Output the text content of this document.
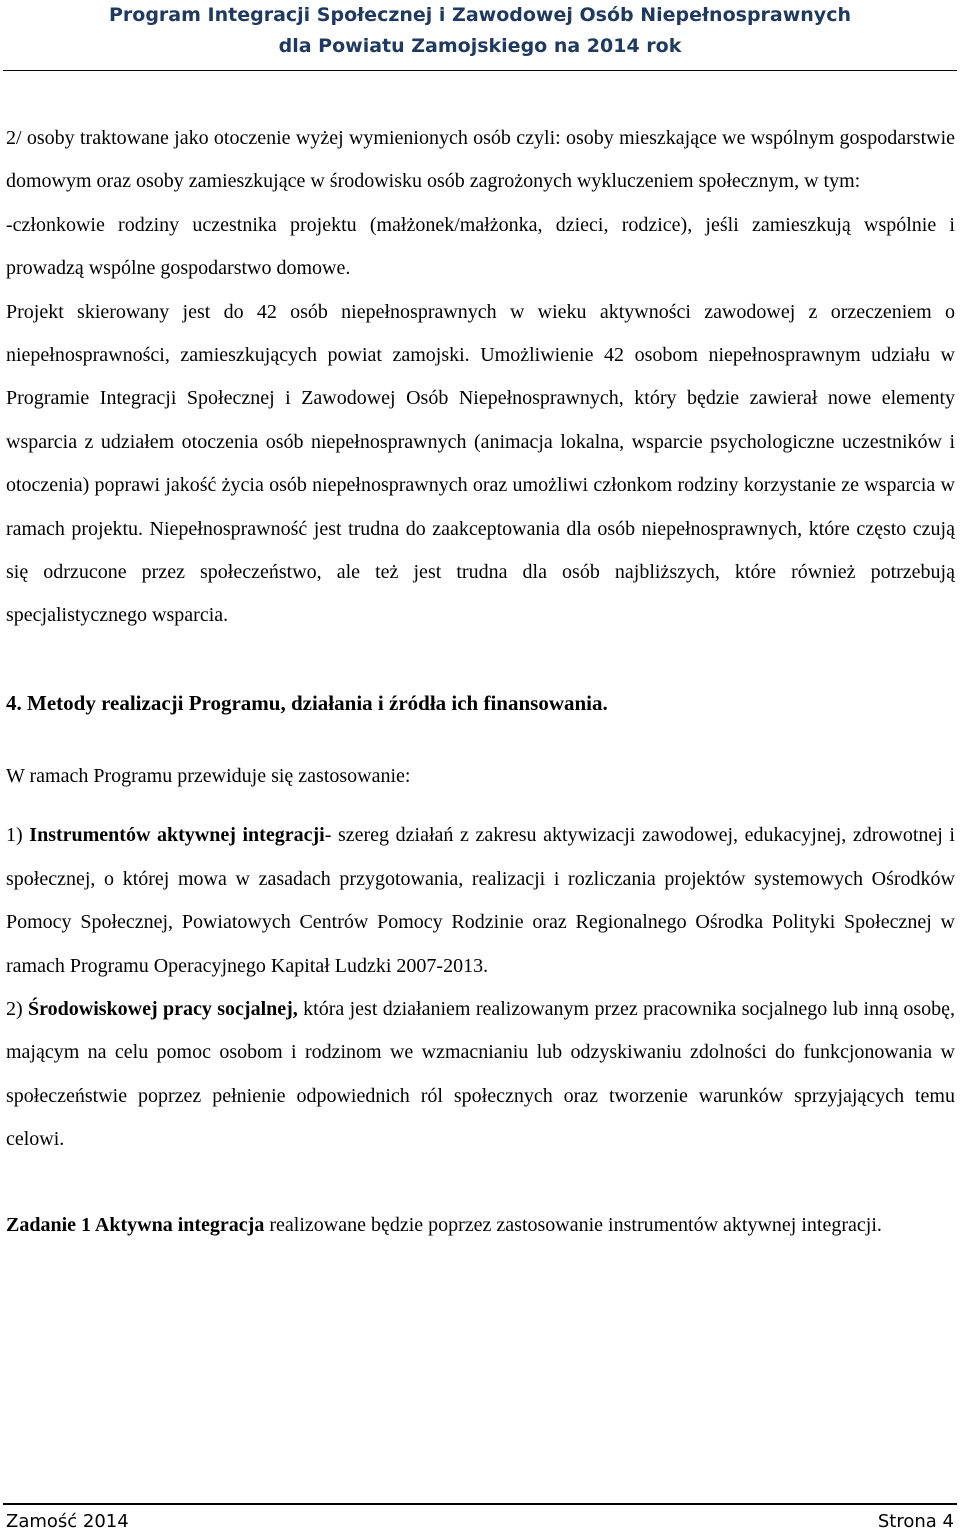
Program Integracji Społecznej i Zawodowej Osób Niepełnosprawnych
dla Powiatu Zamojskiego na 2014 rok

2/ osoby traktowane jako otoczenie wyżej wymienionych osób czyli: osoby mieszkające we wspólnym gospodarstwie domowym oraz osoby zamieszkujące w środowisku osób zagrożonych wykluczeniem społecznym, w tym:

-członkowie rodziny uczestnika projektu (małżonek/małżonka, dzieci, rodzice), jeśli zamieszkują wspólnie i prowadzą wspólne gospodarstwo domowe.

Projekt skierowany jest do 42 osób niepełnosprawnych w wieku aktywności zawodowej z orzeczeniem o niepełnosprawności, zamieszkujących powiat zamojski. Umożliwienie 42 osobom niepełnosprawnym udziału w Programie Integracji Społecznej i Zawodowej Osób Niepełnosprawnych, który będzie zawierał nowe elementy wsparcia z udziałem otoczenia osób niepełnosprawnych (animacja lokalna, wsparcie psychologiczne uczestników i otoczenia) poprawi jakość życia osób niepełnosprawnych oraz umożliwi członkom rodziny korzystanie ze wsparcia w ramach projektu. Niepełnosprawność jest trudna do zaakceptowania dla osób niepełnosprawnych, które często czują się odrzucone przez społeczeństwo, ale też jest trudna dla osób najbliższych, które również potrzebują specjalistycznego wsparcia.

4. Metody realizacji Programu, działania i źródła ich finansowania.

W ramach Programu przewiduje się zastosowanie:

1) Instrumentów aktywnej integracji- szereg działań z zakresu aktywizacji zawodowej, edukacyjnej, zdrowotnej i społecznej, o której mowa w zasadach przygotowania, realizacji i rozliczania projektów systemowych Ośrodków Pomocy Społecznej, Powiatowych Centrów Pomocy Rodzinie oraz Regionalnego Ośrodka Polityki Społecznej w ramach Programu Operacyjnego Kapitał Ludzki 2007-2013.

2) Środowiskowej pracy socjalnej, która jest działaniem realizowanym przez pracownika socjalnego lub inną osobę, mającym na celu pomoc osobom i rodzinom we wzmacnianiu lub odzyskiwaniu zdolności do funkcjonowania w społeczeństwie poprzez pełnienie odpowiednich ról społecznych oraz tworzenie warunków sprzyjających temu celowi.

Zadanie 1 Aktywna integracja realizowane będzie poprzez zastosowanie instrumentów aktywnej integracji.

Zamość 2014	Strona 4
